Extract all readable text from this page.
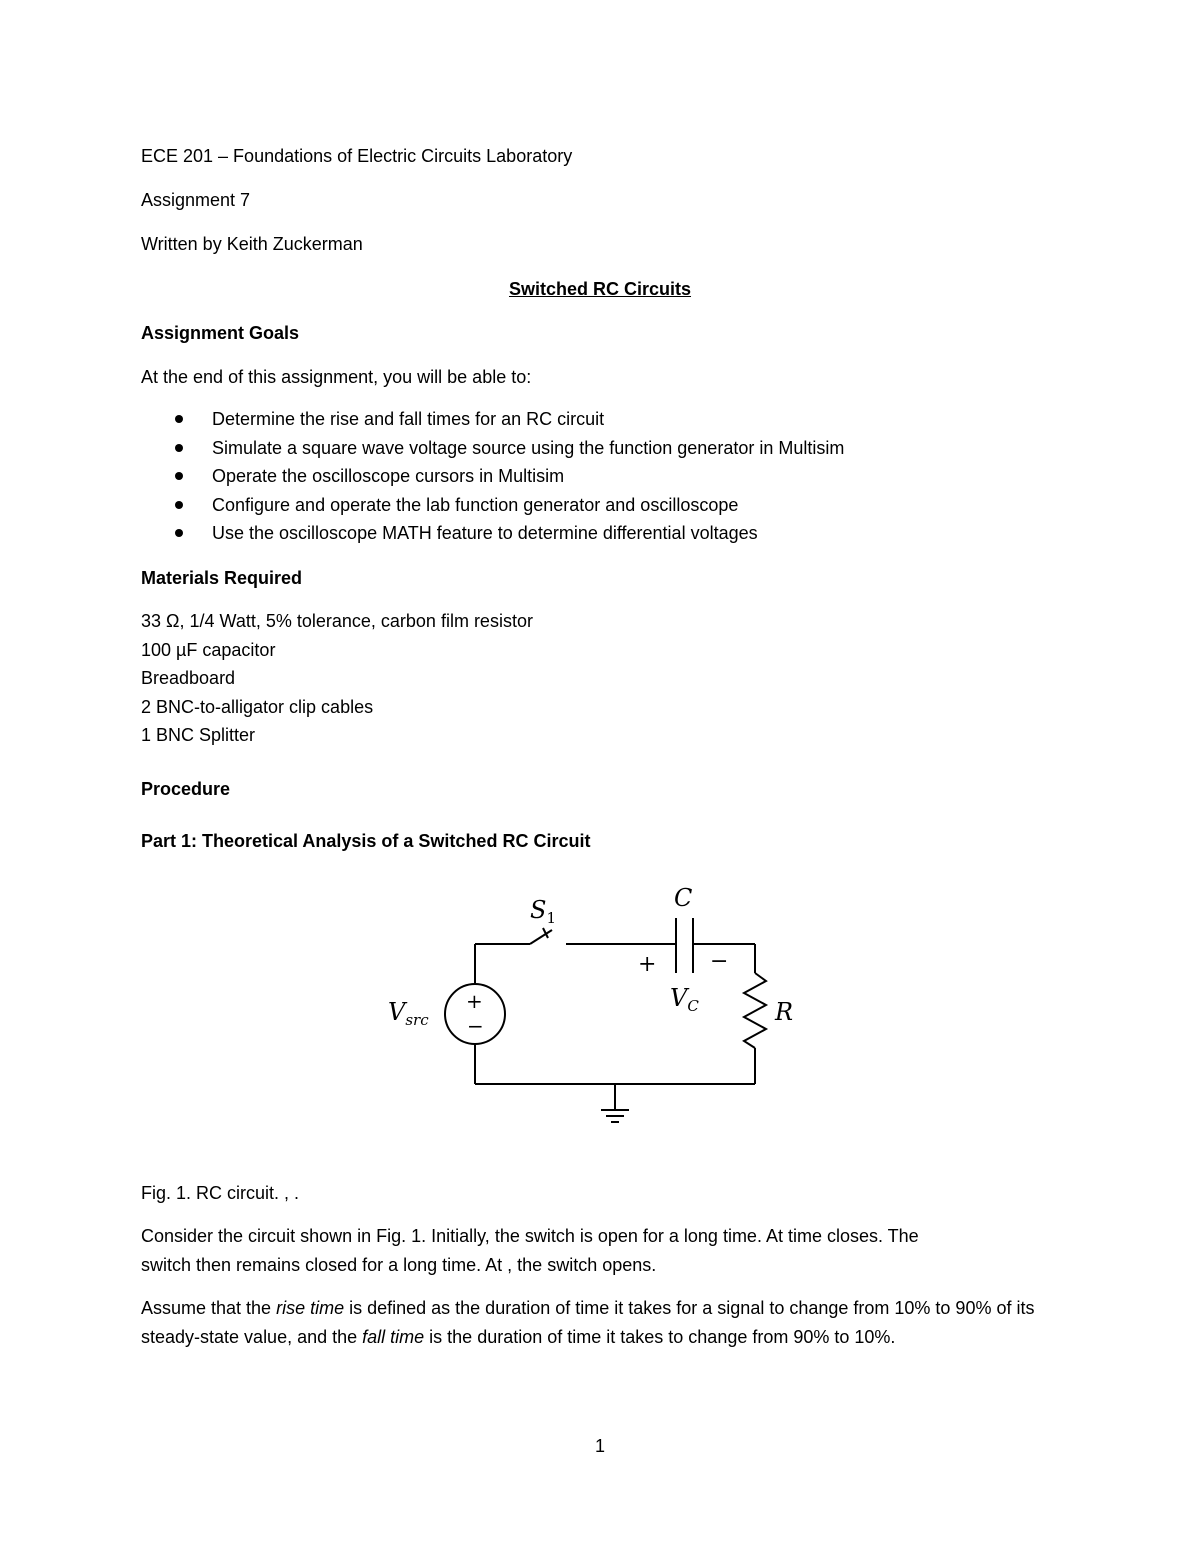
ECE 201 – Foundations of Electric Circuits Laboratory
Assignment 7
Written by Keith Zuckerman
Switched RC Circuits
Assignment Goals
At the end of this assignment, you will be able to:
Determine the rise and fall times for an RC circuit
Simulate a square wave voltage source using the function generator in Multisim
Operate the oscilloscope cursors in Multisim
Configure and operate the lab function generator and oscilloscope
Use the oscilloscope MATH feature to determine differential voltages
Materials Required
33 Ω, 1/4 Watt, 5% tolerance, carbon film resistor
100 µF capacitor
Breadboard
2 BNC-to-alligator clip cables
1 BNC Splitter
Procedure
Part 1: Theoretical Analysis of a Switched RC Circuit
$S_1$
C
+ −
$V_C$	R
$V_{src}$
+
−
Fig. 1. RC circuit. , .
Consider the circuit shown in Fig. 1. Initially, the switch is open for a long time. At time closes. The
switch then remains closed for a long time. At , the switch opens.
Assume that the rise time is defined as the duration of time it takes for a signal to change from 10% to 90% of its steady-state value, and the fall time is the duration of time it takes to change from 90% to 10%.
1
